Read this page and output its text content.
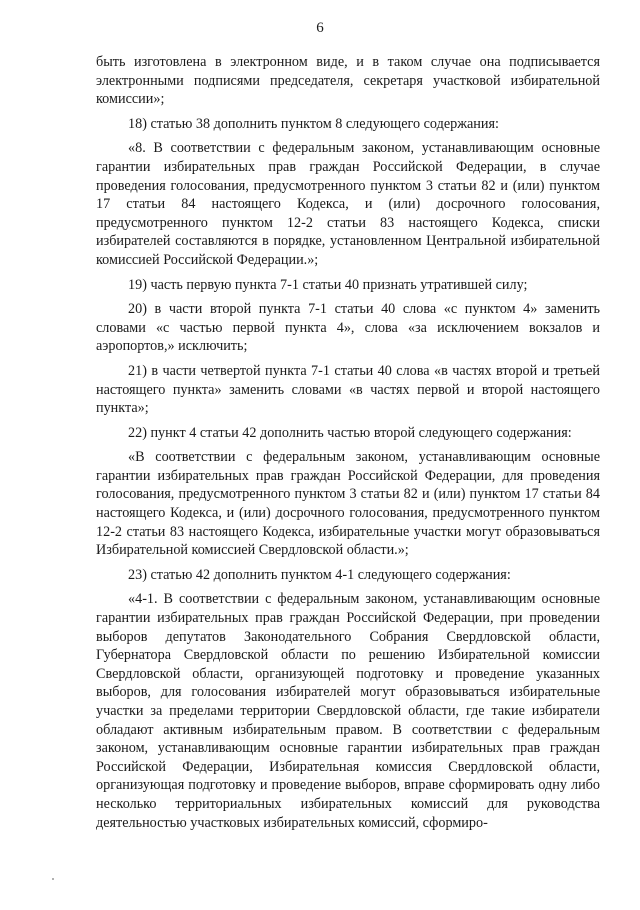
6

быть изготовлена в электронном виде, и в таком случае она подписывается электронными подписями председателя, секретаря участковой избирательной комиссии»;

18) статью 38 дополнить пунктом 8 следующего содержания:

«8. В соответствии с федеральным законом, устанавливающим основные гарантии избирательных прав граждан Российской Федерации, в случае проведения голосования, предусмотренного пунктом 3 статьи 82 и (или) пунктом 17 статьи 84 настоящего Кодекса, и (или) досрочного голосования, предусмотренного пунктом 12-2 статьи 83 настоящего Кодекса, списки избирателей составляются в порядке, установленном Центральной избирательной комиссией Российской Федерации.»;

19) часть первую пункта 7-1 статьи 40 признать утратившей силу;

20) в части второй пункта 7-1 статьи 40 слова «с пунктом 4» заменить словами «с частью первой пункта 4», слова «за исключением вокзалов и аэропортов,» исключить;

21) в части четвертой пункта 7-1 статьи 40 слова «в частях второй и третьей настоящего пункта» заменить словами «в частях первой и второй настоящего пункта»;

22) пункт 4 статьи 42 дополнить частью второй следующего содержания:

«В соответствии с федеральным законом, устанавливающим основные гарантии избирательных прав граждан Российской Федерации, для проведения голосования, предусмотренного пунктом 3 статьи 82 и (или) пунктом 17 статьи 84 настоящего Кодекса, и (или) досрочного голосования, предусмотренного пунктом 12-2 статьи 83 настоящего Кодекса, избирательные участки могут образовываться Избирательной комиссией Свердловской области.»;

23) статью 42 дополнить пунктом 4-1 следующего содержания:

«4-1. В соответствии с федеральным законом, устанавливающим основные гарантии избирательных прав граждан Российской Федерации, при проведении выборов депутатов Законодательного Собрания Свердловской области, Губернатора Свердловской области по решению Избирательной комиссии Свердловской области, организующей подготовку и проведение указанных выборов, для голосования избирателей могут образовываться избирательные участки за пределами территории Свердловской области, где такие избиратели обладают активным избирательным правом. В соответствии с федеральным законом, устанавливающим основные гарантии избирательных прав граждан Российской Федерации, Избирательная комиссия Свердловской области, организующая подготовку и проведение выборов, вправе сформировать одну либо несколько территориальных избирательных комиссий для руководства деятельностью участковых избирательных комиссий, сформиро-
